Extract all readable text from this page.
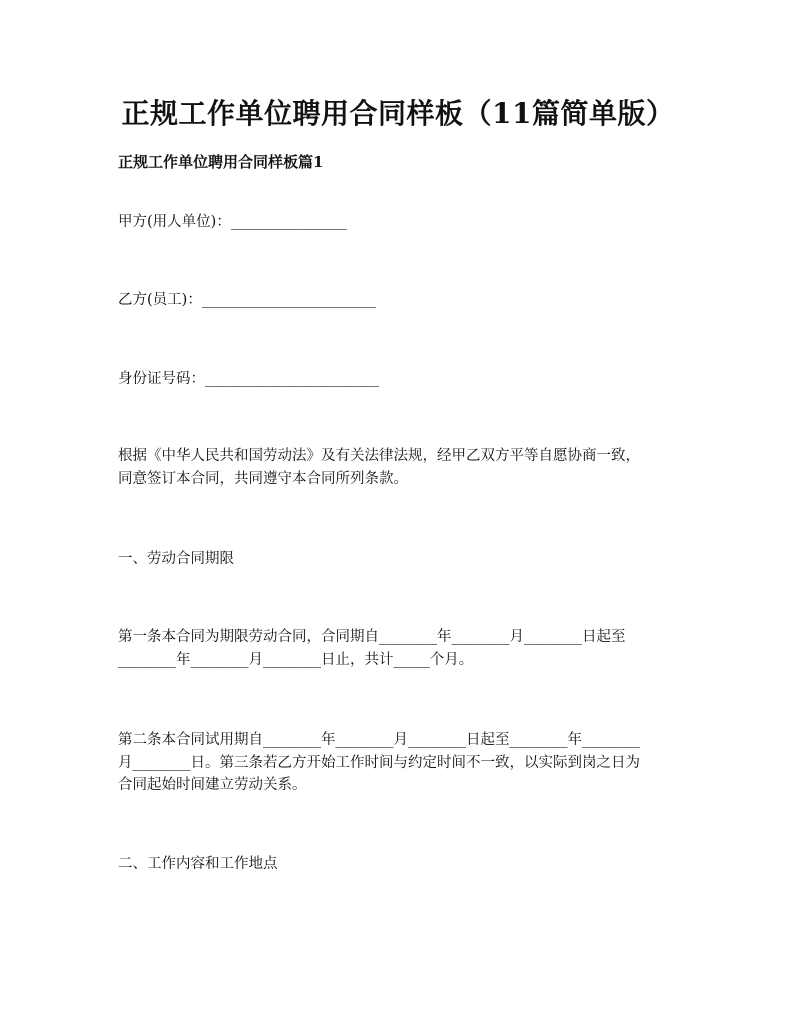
正规工作单位聘用合同样板（11篇简单版）
正规工作单位聘用合同样板篇1
甲方(用人单位)：________________
乙方(员工)：________________________
身份证号码：________________________
根据《中华人民共和国劳动法》及有关法律法规，经甲乙双方平等自愿协商一致，
同意签订本合同，共同遵守本合同所列条款。
一、劳动合同期限
第一条本合同为期限劳动合同，合同期自________年________月________日起至
________年________月________日止，共计_____个月。
第二条本合同试用期自________年________月________日起至________年________
月________日。第三条若乙方开始工作时间与约定时间不一致，以实际到岗之日为
合同起始时间建立劳动关系。
二、工作内容和工作地点
